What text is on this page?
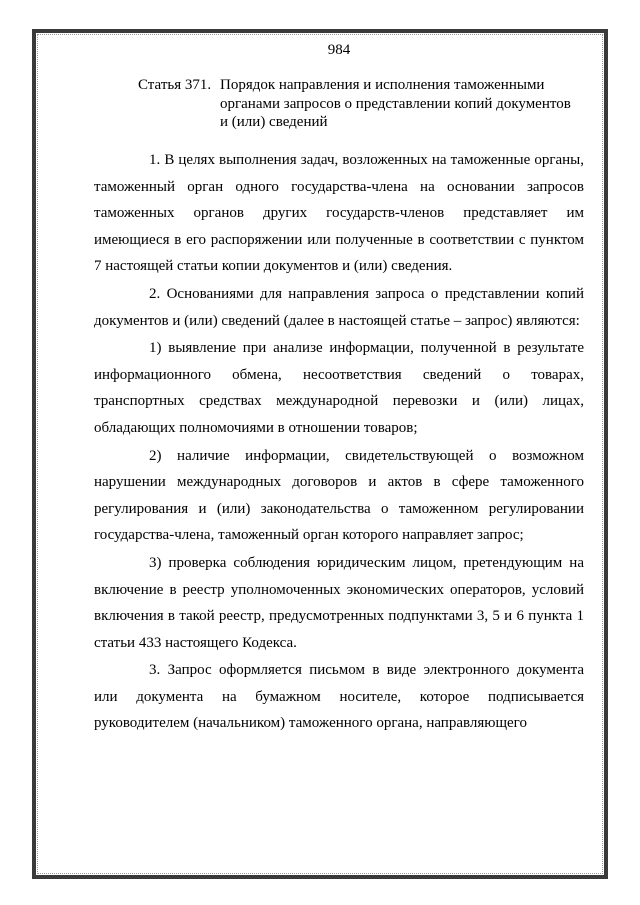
984
Статья 371. Порядок направления и исполнения таможенными
органами запросов о представлении копий документов
и (или) сведений

1. В целях выполнения задач, возложенных на таможенные органы, таможенный орган одного государства-члена на основании запросов таможенных органов других государств-членов представляет им имеющиеся в его распоряжении или полученные в соответствии с пунктом 7 настоящей статьи копии документов и (или) сведения.

2. Основаниями для направления запроса о представлении копий документов и (или) сведений (далее в настоящей статье – запрос) являются:

1) выявление при анализе информации, полученной в результате информационного обмена, несоответствия сведений о товарах, транспортных средствах международной перевозки и (или) лицах, обладающих полномочиями в отношении товаров;

2) наличие информации, свидетельствующей о возможном нарушении международных договоров и актов в сфере таможенного регулирования и (или) законодательства о таможенном регулировании государства-члена, таможенный орган которого направляет запрос;

3) проверка соблюдения юридическим лицом, претендующим на включение в реестр уполномоченных экономических операторов, условий включения в такой реестр, предусмотренных подпунктами 3, 5 и 6 пункта 1 статьи 433 настоящего Кодекса.

3. Запрос оформляется письмом в виде электронного документа или документа на бумажном носителе, которое подписывается руководителем (начальником) таможенного органа, направляющего
